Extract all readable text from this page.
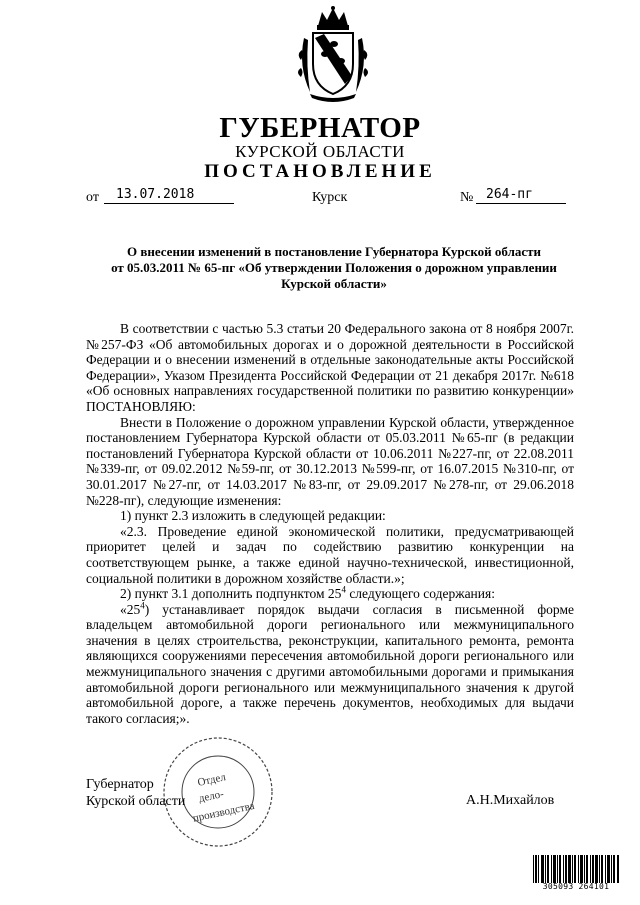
ГУБЕРНАТОР
КУРСКОЙ ОБЛАСТИ
ПОСТАНОВЛЕНИЕ
от	13.07.2018	Курск	№ 264-пг
О внесении изменений в постановление Губернатора Курской области
от 05.03.2011 № 65-пг «Об утверждении Положения о дорожном управлении
Курской области»

В соответствии с частью 5.3 статьи 20 Федерального закона от 8 ноября 2007г. №257-ФЗ «Об автомобильных дорогах и о дорожной деятельности в Российской Федерации и о внесении изменений в отдельные законодательные акты Российской Федерации», Указом Президента Российской Федерации от 21 декабря 2017г. №618 «Об основных направлениях государственной политики по развитию конкуренции» ПОСТАНОВЛЯЮ:

Внести в Положение о дорожном управлении Курской области, утвержденное постановлением Губернатора Курской области от 05.03.2011 №65-пг (в редакции постановлений Губернатора Курской области от 10.06.2011 №227-пг, от 22.08.2011 №339-пг, от 09.02.2012 №59-пг, от 30.12.2013 №599-пг, от 16.07.2015 №310-пг, от 30.01.2017 №27-пг, от 14.03.2017 №83-пг, от 29.09.2017 №278-пг, от 29.06.2018 №228-пг), следующие изменения:

1) пункт 2.3 изложить в следующей редакции:

«2.3. Проведение единой экономической политики, предусматривающей приоритет целей и задач по содействию развитию конкуренции на соответствующем рынке, а также единой научно-технической, инвестиционной, социальной политики в дорожном хозяйстве области.»;

2) пункт 3.1 дополнить подпунктом $25^4$ следующего содержания:

«$25^4$) устанавливает порядок выдачи согласия в письменной форме владельцем автомобильной дороги регионального или межмуниципального значения в целях строительства, реконструкции, капитального ремонта, ремонта являющихся сооружениями пересечения автомобильной дороги регионального или межмуниципального значения с другими автомобильными дорогами и примыкания автомобильной дороги регионального или межмуниципального значения к другой автомобильной дороге, а также перечень документов, необходимых для выдачи такого согласия;».

Отдел
дело-
производства
Губернатор
Курской области	А.Н.Михайлов
305093 264101
